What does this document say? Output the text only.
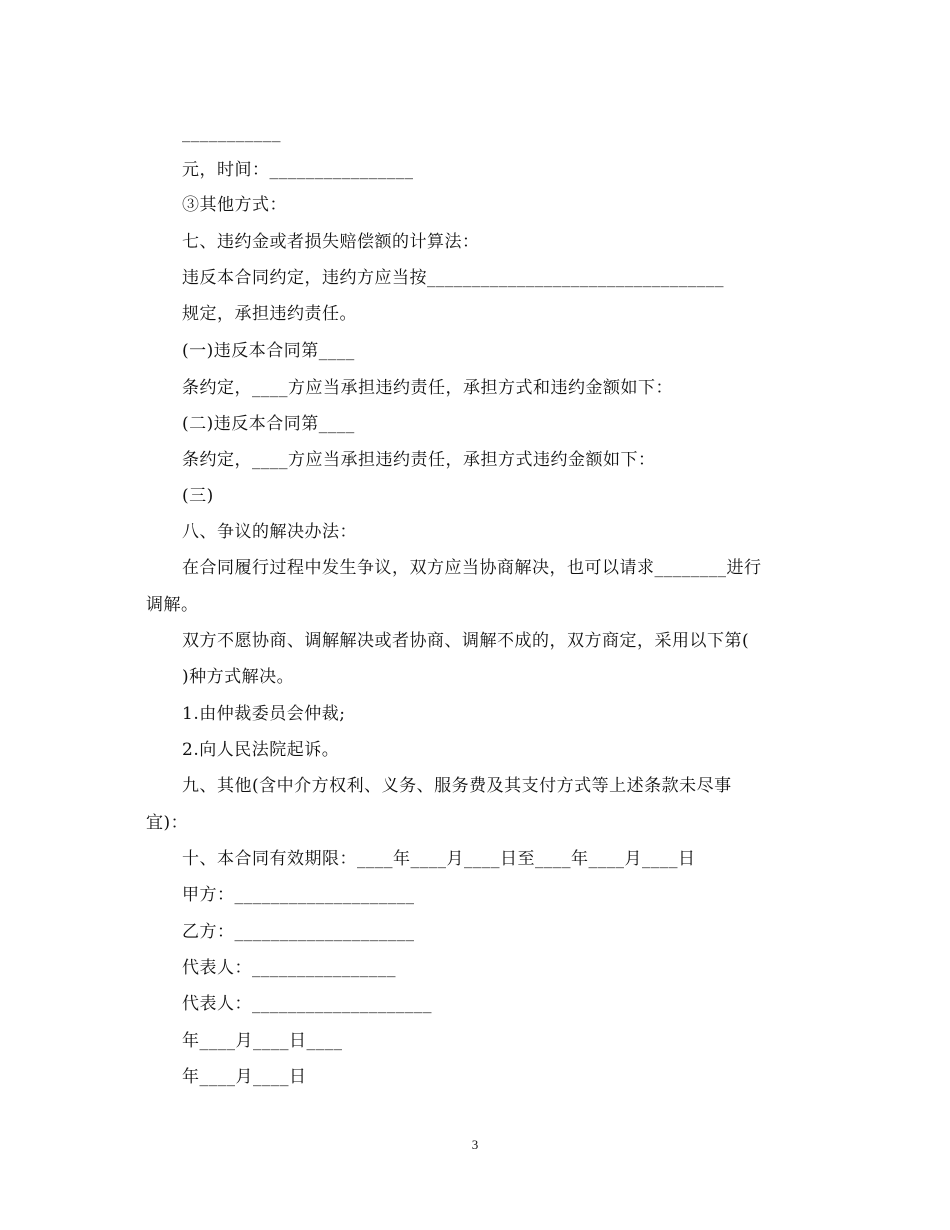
___________
元，时间：________________
③其他方式：
七、违约金或者损失赔偿额的计算法：
违反本合同约定，违约方应当按_________________________________
规定，承担违约责任。
(一)违反本合同第____
条约定，____方应当承担违约责任，承担方式和违约金额如下：
(二)违反本合同第____
条约定，____方应当承担违约责任，承担方式违约金额如下：
(三)
八、争议的解决办法：
在合同履行过程中发生争议，双方应当协商解决，也可以请求________进行
调解。
双方不愿协商、调解解决或者协商、调解不成的，双方商定，采用以下第(
)种方式解决。
1.由仲裁委员会仲裁;
2.向人民法院起诉。
九、其他(含中介方权利、义务、服务费及其支付方式等上述条款未尽事
宜)：
十、本合同有效期限：____年____月____日至____年____月____日
甲方：____________________
乙方：____________________
代表人：________________
代表人：____________________
年____月____日____
年____月____日
3
